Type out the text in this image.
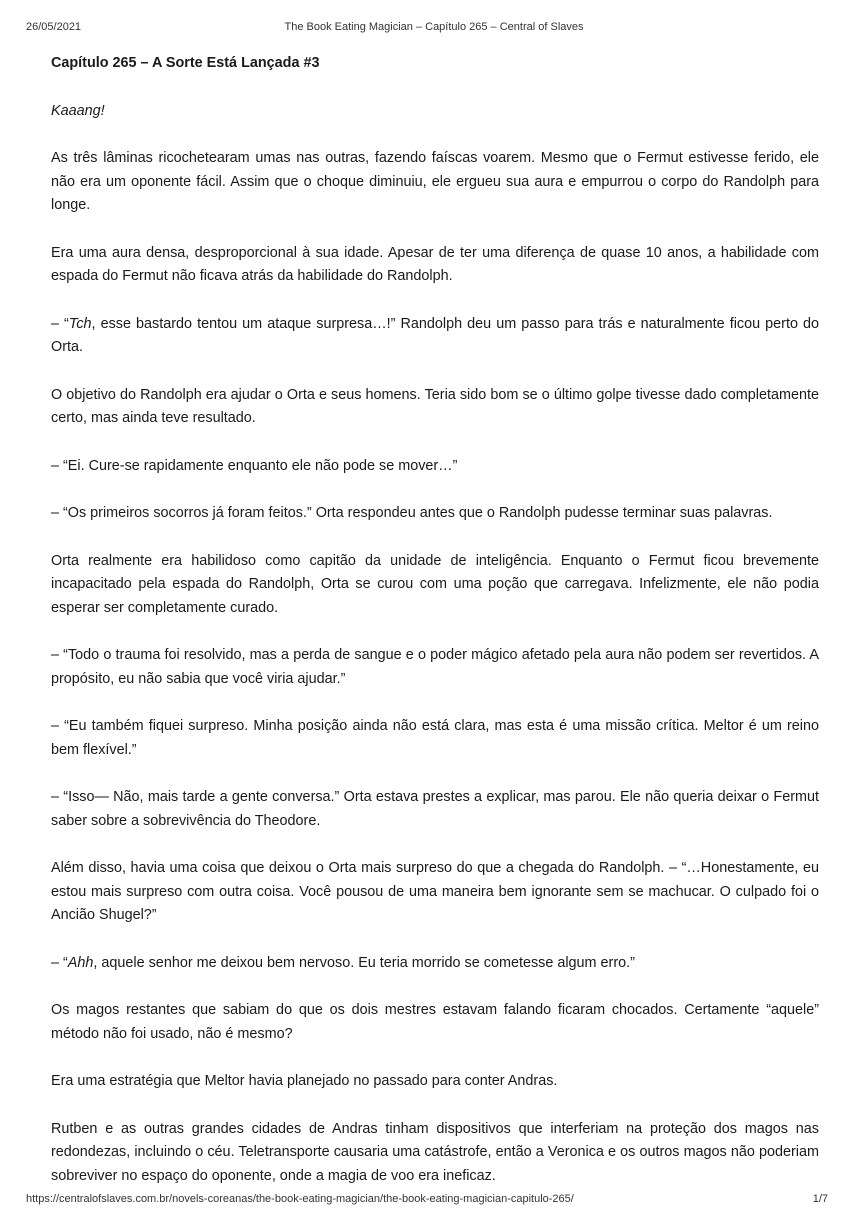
26/05/2021	The Book Eating Magician – Capítulo 265 – Central of Slaves
Capítulo 265 – A Sorte Está Lançada #3

Kaaang!

As três lâminas ricochetearam umas nas outras, fazendo faíscas voarem. Mesmo que o Fermut estivesse ferido, ele não era um oponente fácil. Assim que o choque diminuiu, ele ergueu sua aura e empurrou o corpo do Randolph para longe.

Era uma aura densa, desproporcional à sua idade. Apesar de ter uma diferença de quase 10 anos, a habilidade com espada do Fermut não ficava atrás da habilidade do Randolph.

– “Tch, esse bastardo tentou um ataque surpresa…!” Randolph deu um passo para trás e naturalmente ficou perto do Orta.

O objetivo do Randolph era ajudar o Orta e seus homens. Teria sido bom se o último golpe tivesse dado completamente certo, mas ainda teve resultado.

– “Ei. Cure-se rapidamente enquanto ele não pode se mover…”

– “Os primeiros socorros já foram feitos.” Orta respondeu antes que o Randolph pudesse terminar suas palavras.

Orta realmente era habilidoso como capitão da unidade de inteligência. Enquanto o Fermut ficou brevemente incapacitado pela espada do Randolph, Orta se curou com uma poção que carregava. Infelizmente, ele não podia esperar ser completamente curado.

– “Todo o trauma foi resolvido, mas a perda de sangue e o poder mágico afetado pela aura não podem ser revertidos. A propósito, eu não sabia que você viria ajudar.”

– “Eu também fiquei surpreso. Minha posição ainda não está clara, mas esta é uma missão crítica. Meltor é um reino bem flexível.”

– “Isso— Não, mais tarde a gente conversa.” Orta estava prestes a explicar, mas parou. Ele não queria deixar o Fermut saber sobre a sobrevivência do Theodore.

Além disso, havia uma coisa que deixou o Orta mais surpreso do que a chegada do Randolph. – “…Honestamente, eu estou mais surpreso com outra coisa. Você pousou de uma maneira bem ignorante sem se machucar. O culpado foi o Ancião Shugel?”

– “Ahh, aquele senhor me deixou bem nervoso. Eu teria morrido se cometesse algum erro.”

Os magos restantes que sabiam do que os dois mestres estavam falando ficaram chocados. Certamente “aquele” método não foi usado, não é mesmo?

Era uma estratégia que Meltor havia planejado no passado para conter Andras.

Rutben e as outras grandes cidades de Andras tinham dispositivos que interferiam na proteção dos magos nas redondezas, incluindo o céu. Teletransporte causaria uma catástrofe, então a Veronica e os outros magos não poderiam sobreviver no espaço do oponente, onde a magia de voo era ineficaz.

https://centralofslaves.com.br/novels-coreanas/the-book-eating-magician/the-book-eating-magician-capitulo-265/	1/7
